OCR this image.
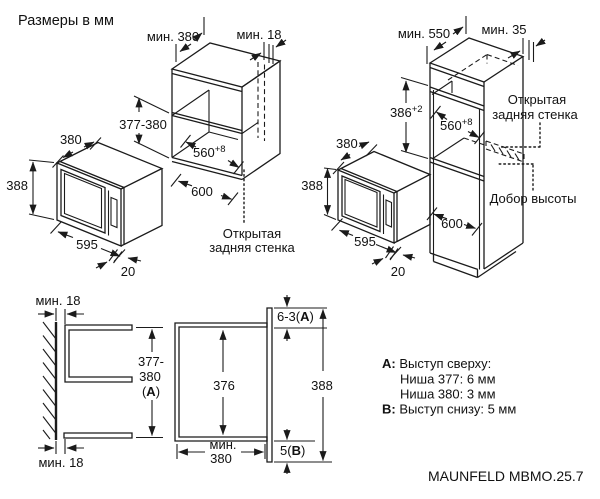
Размеры в мм
380
388
595
20
мин. 380	мин. 18
377-380
$560^{+8}$
600
Открытая
задняя стенка
380
388
595
20
мин. 550 мин. 35
$386^{+2}$
$560^{+8}$
600
Открытая
задняя стенка
Добор высоты
мин. 18
мин. 18
377-
380
(А)	376
мин.
380
6-3(А)
388
5(В)
А: Выступ сверху:
Ниша 377: 6 мм
Ниша 380: 3 мм
В: Выступ снизу: 5 мм
MAUNFELD MBMO.25.7
